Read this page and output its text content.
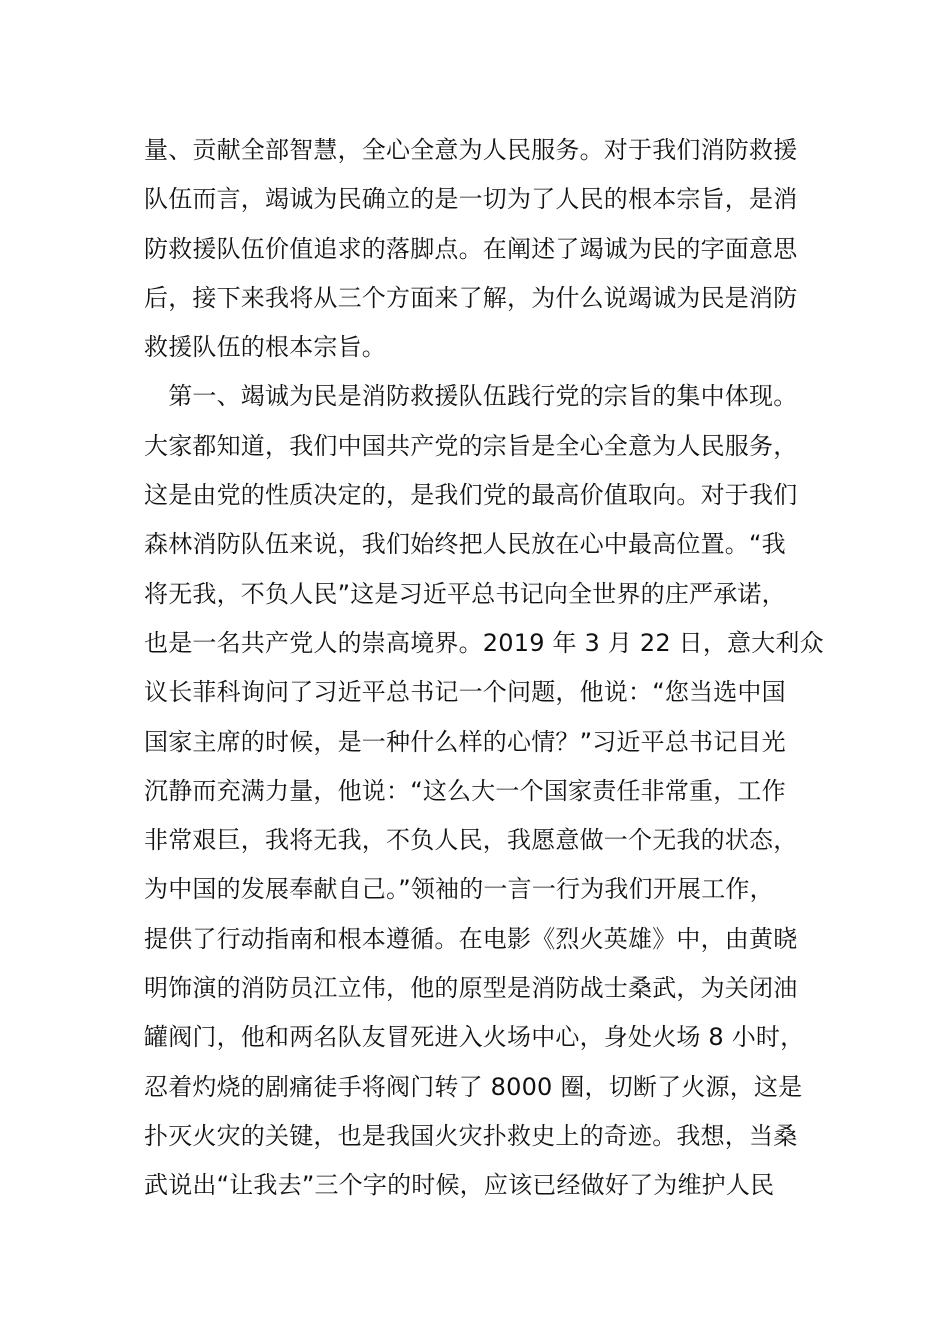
量、贡献全部智慧，全心全意为人民服务。对于我们消防救援
队伍而言，竭诚为民确立的是一切为了人民的根本宗旨，是消
防救援队伍价值追求的落脚点。在阐述了竭诚为民的字面意思
后，接下来我将从三个方面来了解，为什么说竭诚为民是消防
救援队伍的根本宗旨。
　第一、竭诚为民是消防救援队伍践行党的宗旨的集中体现。
大家都知道，我们中国共产党的宗旨是全心全意为人民服务，
这是由党的性质决定的，是我们党的最高价值取向。对于我们
森林消防队伍来说，我们始终把人民放在心中最高位置。“我
将无我，不负人民”这是习近平总书记向全世界的庄严承诺，
也是一名共产党人的崇高境界。2019 年 3 月 22 日，意大利众
议长菲科询问了习近平总书记一个问题，他说：“您当选中国
国家主席的时候，是一种什么样的心情？”习近平总书记目光
沉静而充满力量，他说：“这么大一个国家责任非常重，工作
非常艰巨，我将无我，不负人民，我愿意做一个无我的状态，
为中国的发展奉献自己。”领袖的一言一行为我们开展工作，
提供了行动指南和根本遵循。在电影《烈火英雄》中，由黄晓
明饰演的消防员江立伟，他的原型是消防战士桑武，为关闭油
罐阀门，他和两名队友冒死进入火场中心，身处火场 8 小时，
忍着灼烧的剧痛徒手将阀门转了 8000 圈，切断了火源，这是
扑灭火灾的关键，也是我国火灾扑救史上的奇迹。我想，当桑
武说出“让我去”三个字的时候，应该已经做好了为维护人民
